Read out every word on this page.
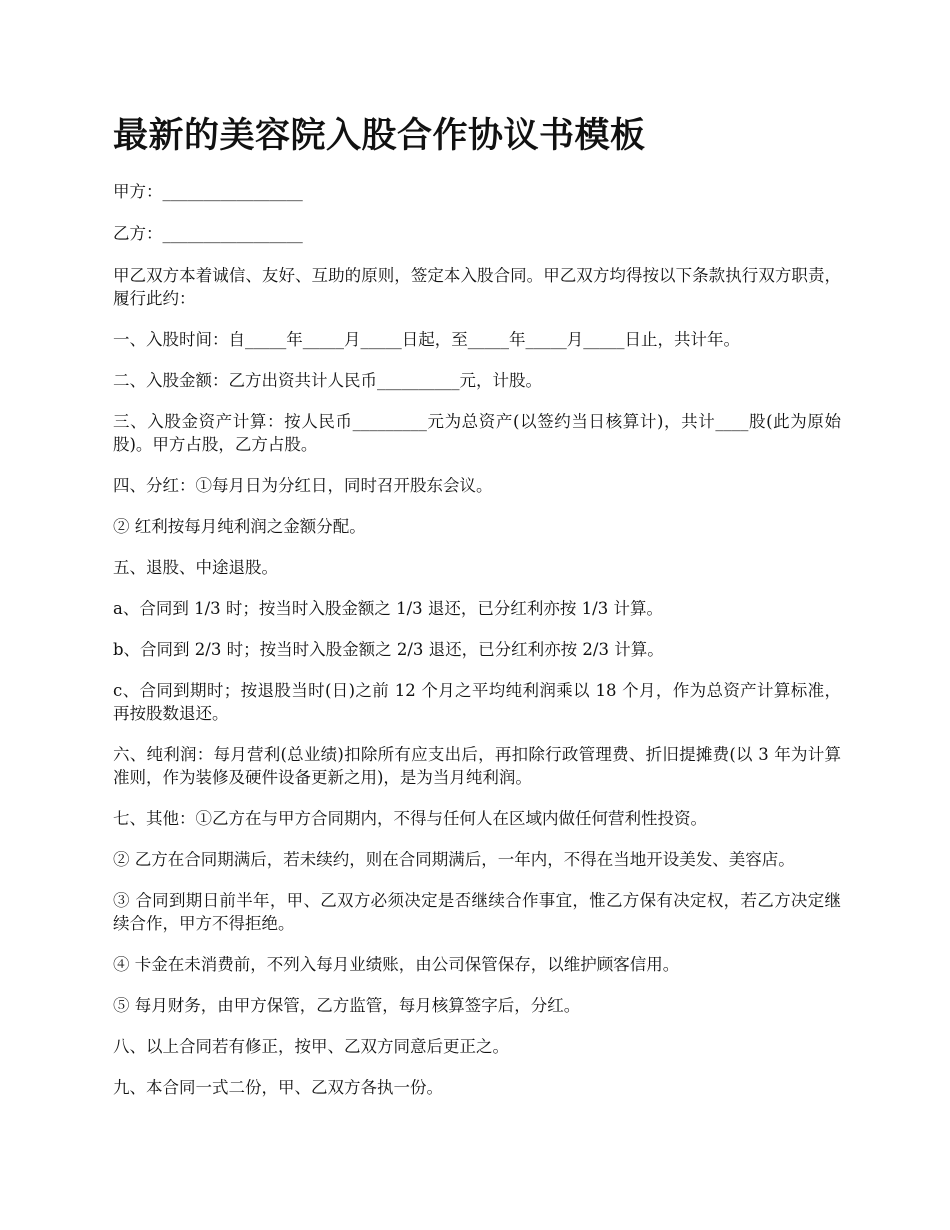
最新的美容院入股合作协议书模板

甲方：_________________

乙方：_________________

甲乙双方本着诚信、友好、互助的原则，签定本入股合同。甲乙双方均得按以下条款执行双方职责，履行此约：

一、入股时间：自_____年_____月_____日起，至_____年_____月_____日止，共计年。

二、入股金额：乙方出资共计人民币__________元，计股。

三、入股金资产计算：按人民币_________元为总资产(以签约当日核算计)，共计____股(此为原始股)。甲方占股，乙方占股。

四、分红：①每月日为分红日，同时召开股东会议。

② 红利按每月纯利润之金额分配。

五、退股、中途退股。

a、合同到 1/3 时；按当时入股金额之 1/3 退还，已分红利亦按 1/3 计算。

b、合同到 2/3 时；按当时入股金额之 2/3 退还，已分红利亦按 2/3 计算。

c、合同到期时；按退股当时(日)之前 12 个月之平均纯利润乘以 18 个月，作为总资产计算标准，再按股数退还。

六、纯利润：每月营利(总业绩)扣除所有应支出后，再扣除行政管理费、折旧提摊费(以 3 年为计算准则，作为装修及硬件设备更新之用)，是为当月纯利润。

七、其他：①乙方在与甲方合同期内，不得与任何人在区域内做任何营利性投资。

② 乙方在合同期满后，若未续约，则在合同期满后，一年内，不得在当地开设美发、美容店。

③ 合同到期日前半年，甲、乙双方必须决定是否继续合作事宜，惟乙方保有决定权，若乙方决定继续合作，甲方不得拒绝。

④ 卡金在未消费前，不列入每月业绩账，由公司保管保存，以维护顾客信用。

⑤ 每月财务，由甲方保管，乙方监管，每月核算签字后，分红。

八、以上合同若有修正，按甲、乙双方同意后更正之。

九、本合同一式二份，甲、乙双方各执一份。
